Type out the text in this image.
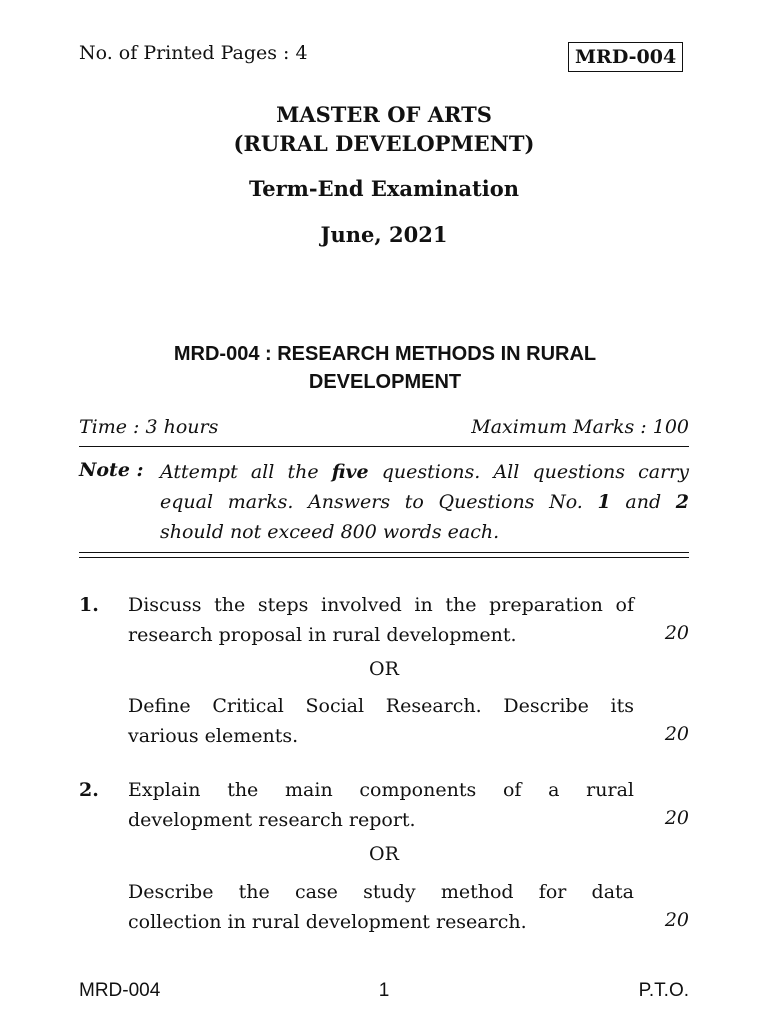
No. of Printed Pages : 4	MRD-004
MASTER OF ARTS
(RURAL DEVELOPMENT)
Term-End Examination
June, 2021
MRD-004 : RESEARCH METHODS IN RURAL
DEVELOPMENT
Time : 3 hours	Maximum Marks : 100
Note : Attempt all the five questions. All questions carry equal marks. Answers to Questions No. 1 and 2 should not exceed 800 words each.
1. Discuss the steps involved in the preparation of
research proposal in rural development.	20
OR
Define Critical Social Research. Describe its
various elements.	20
2. Explain the main components of a rural
development research report.	20
OR
Describe the case study method for data
collection in rural development research.	20
MRD-004	1	P.T.O.
